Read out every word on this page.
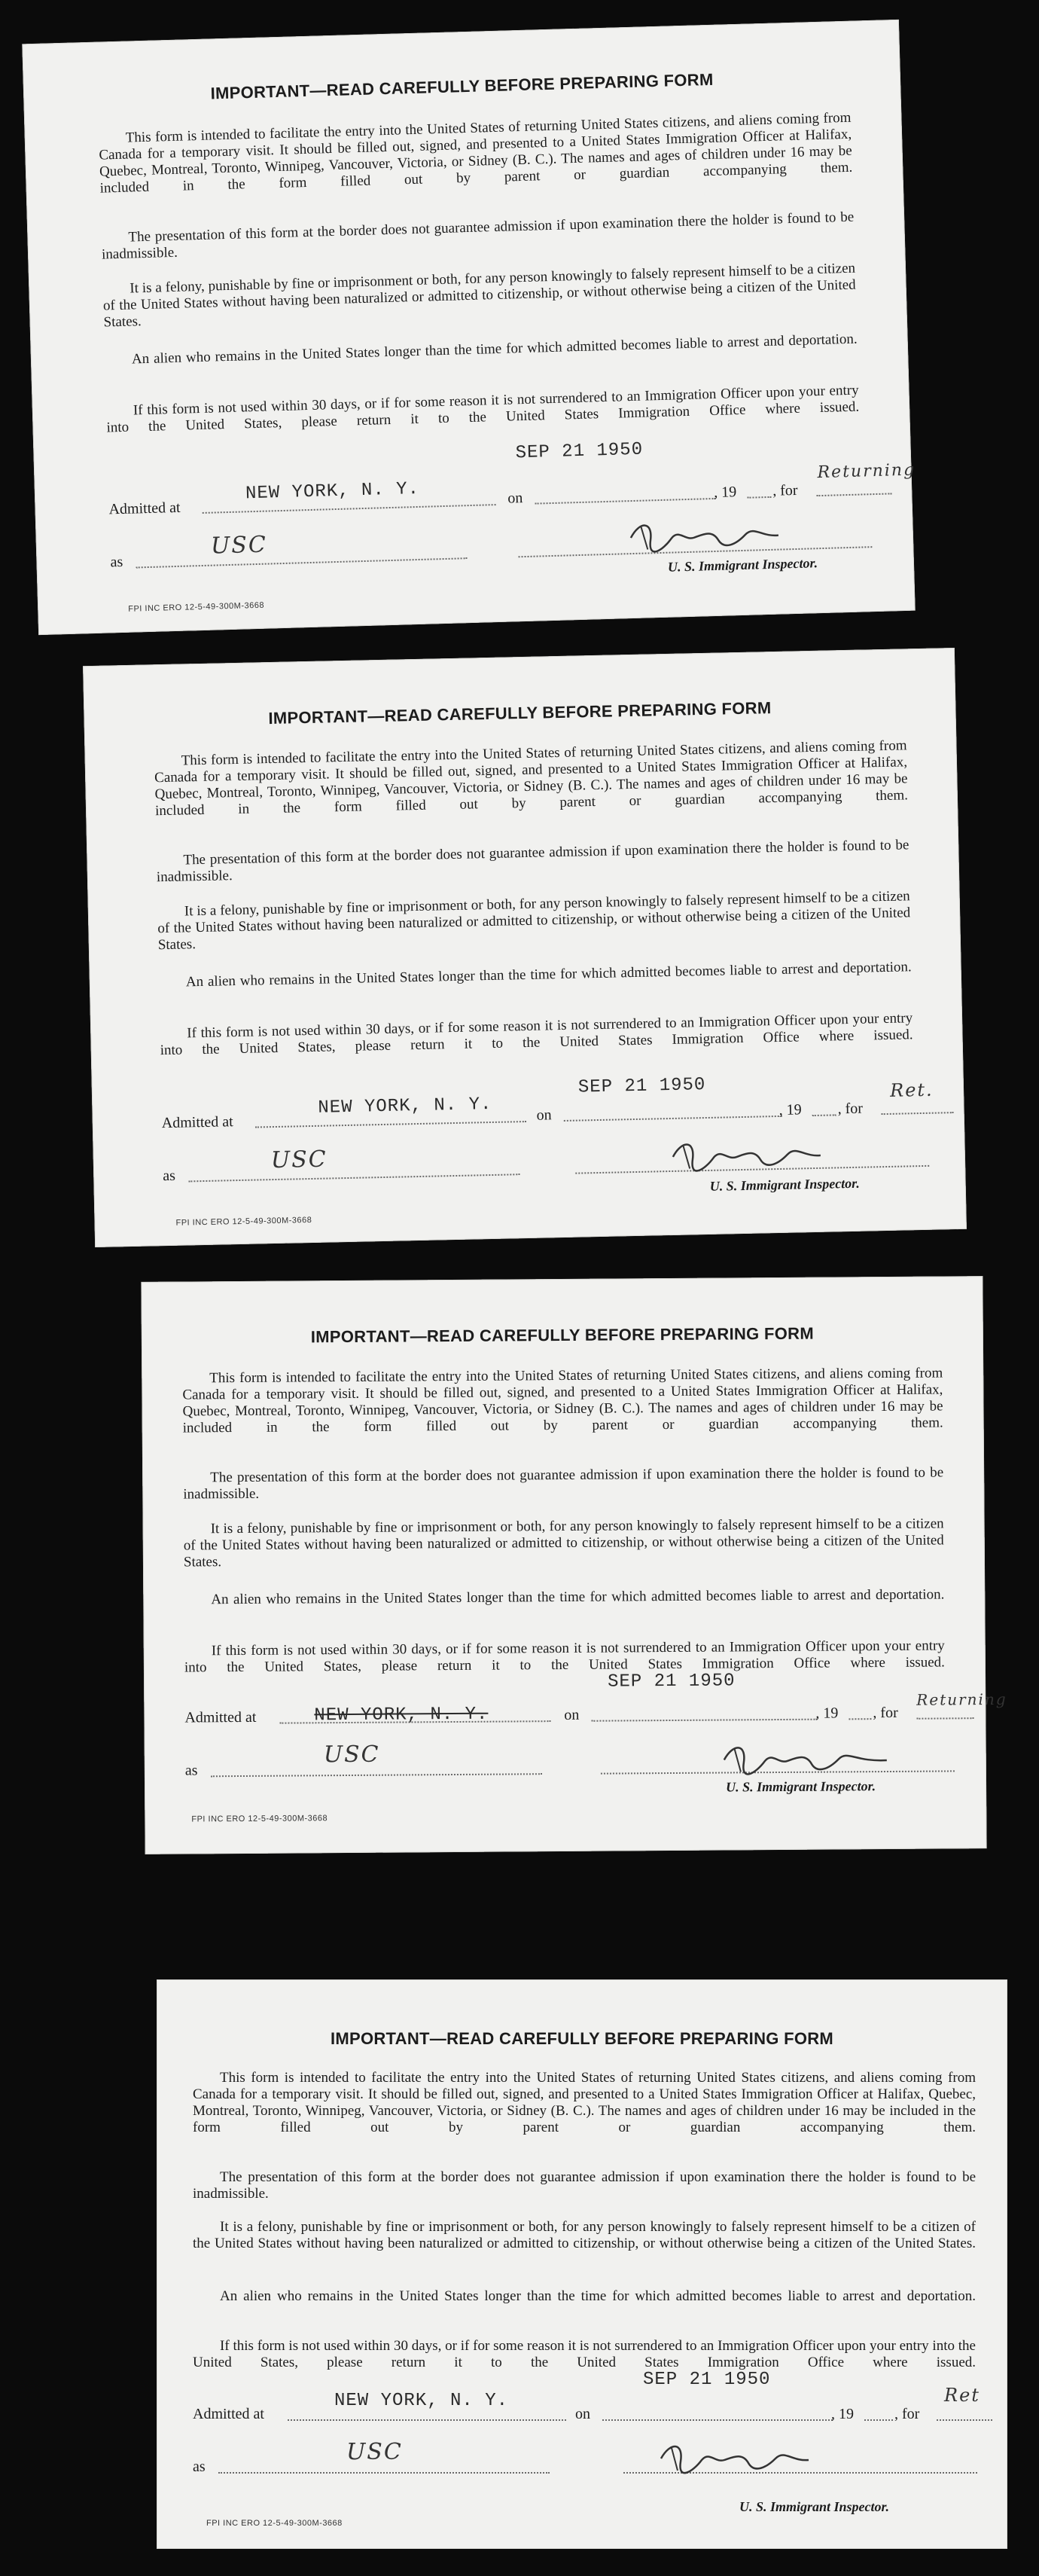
IMPORTANT—READ CAREFULLY BEFORE PREPARING FORM

This form is intended to facilitate the entry into the United States of returning United States citizens, and aliens coming from Canada for a temporary visit. It should be filled out, signed, and presented to a United States Immigration Officer at Halifax, Quebec, Montreal, Toronto, Winnipeg, Vancouver, Victoria, or Sidney (B. C.). The names and ages of children under 16 may be included in the form filled out by parent or guardian accompanying them.

The presentation of this form at the border does not guarantee admission if upon examination there the holder is found to be inadmissible.

It is a felony, punishable by fine or imprisonment or both, for any person knowingly to falsely represent himself to be a citizen of the United States without having been naturalized or admitted to citizenship, or without otherwise being a citizen of the United States.

An alien who remains in the United States longer than the time for which admitted becomes liable to arrest and deportation.

If this form is not used within 30 days, or if for some reason it is not surrendered to an Immigration Officer upon your entry into the United States, please return it to the United States Immigration Office where issued.

SEP 21 1950
Admitted at
NEW YORK, N. Y.	on	, 19 , for
Returning
as
USC
U. S. Immigrant Inspector.
FPI INC ERO 12-5-49-300M-3668
IMPORTANT—READ CAREFULLY BEFORE PREPARING FORM

This form is intended to facilitate the entry into the United States of returning United States citizens, and aliens coming from Canada for a temporary visit. It should be filled out, signed, and presented to a United States Immigration Officer at Halifax, Quebec, Montreal, Toronto, Winnipeg, Vancouver, Victoria, or Sidney (B. C.). The names and ages of children under 16 may be included in the form filled out by parent or guardian accompanying them.

The presentation of this form at the border does not guarantee admission if upon examination there the holder is found to be inadmissible.

It is a felony, punishable by fine or imprisonment or both, for any person knowingly to falsely represent himself to be a citizen of the United States without having been naturalized or admitted to citizenship, or without otherwise being a citizen of the United States.

An alien who remains in the United States longer than the time for which admitted becomes liable to arrest and deportation.

If this form is not used within 30 days, or if for some reason it is not surrendered to an Immigration Officer upon your entry into the United States, please return it to the United States Immigration Office where issued.

Admitted at
NEW YORK, N. Y.	on
SEP 21 1950
, 19 , for
Ret.
as
USC
U. S. Immigrant Inspector.
FPI INC ERO 12-5-49-300M-3668
IMPORTANT—READ CAREFULLY BEFORE PREPARING FORM

This form is intended to facilitate the entry into the United States of returning United States citizens, and aliens coming from Canada for a temporary visit. It should be filled out, signed, and presented to a United States Immigration Officer at Halifax, Quebec, Montreal, Toronto, Winnipeg, Vancouver, Victoria, or Sidney (B. C.). The names and ages of children under 16 may be included in the form filled out by parent or guardian accompanying them.

The presentation of this form at the border does not guarantee admission if upon examination there the holder is found to be inadmissible.

It is a felony, punishable by fine or imprisonment or both, for any person knowingly to falsely represent himself to be a citizen of the United States without having been naturalized or admitted to citizenship, or without otherwise being a citizen of the United States.

An alien who remains in the United States longer than the time for which admitted becomes liable to arrest and deportation.

If this form is not used within 30 days, or if for some reason it is not surrendered to an Immigration Officer upon your entry into the United States, please return it to the United States Immigration Office where issued.

SEP 21 1950
Admitted at	NEW YORK, N. Y.	on	, 19 , for
Returning
as
USC
U. S. Immigrant Inspector.
FPI INC ERO 12-5-49-300M-3668
IMPORTANT—READ CAREFULLY BEFORE PREPARING FORM

This form is intended to facilitate the entry into the United States of returning United States citizens, and aliens coming from Canada for a temporary visit. It should be filled out, signed, and presented to a United States Immigration Officer at Halifax, Quebec, Montreal, Toronto, Winnipeg, Vancouver, Victoria, or Sidney (B. C.). The names and ages of children under 16 may be included in the form filled out by parent or guardian accompanying them.

The presentation of this form at the border does not guarantee admission if upon examination there the holder is found to be inadmissible.

It is a felony, punishable by fine or imprisonment or both, for any person knowingly to falsely represent himself to be a citizen of the United States without having been naturalized or admitted to citizenship, or without otherwise being a citizen of the United States.

An alien who remains in the United States longer than the time for which admitted becomes liable to arrest and deportation.

If this form is not used within 30 days, or if for some reason it is not surrendered to an Immigration Officer upon your entry into the United States, please return it to the United States Immigration Office where issued.

SEP 21 1950
Admitted at
NEW YORK, N. Y.
on	, 19	, for
Ret
as
USC
U. S. Immigrant Inspector.
FPI INC ERO 12-5-49-300M-3668
